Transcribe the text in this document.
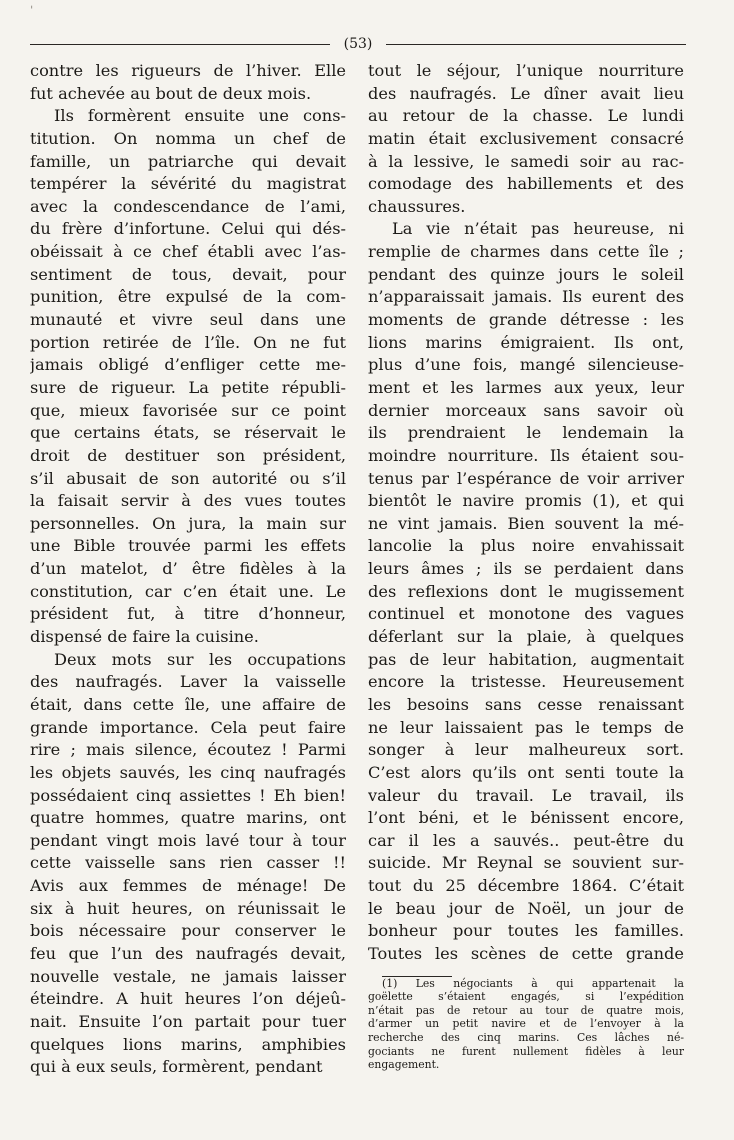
ˈ
(53)
contre les rigueurs de l’hiver. Elle
fut achevée au bout de deux mois.
Ils formèrent ensuite une cons-
titution. On nomma un chef de
famille, un patriarche qui devait
tempérer la sévérité du magistrat
avec la condescendance de l’ami,
du frère d’infortune. Celui qui dés-
obéissait à ce chef établi avec l’as-
sentiment de tous, devait, pour
punition, être expulsé de la com-
munauté et vivre seul dans une
portion retirée de l’île. On ne fut
jamais obligé d’enfliger cette me-
sure de rigueur. La petite républi-
que, mieux favorisée sur ce point
que certains états, se réservait le
droit de destituer son président,
s’il abusait de son autorité ou s’il
la faisait servir à des vues toutes
personnelles. On jura, la main sur
une Bible trouvée parmi les effets
d’un matelot, d’ être fidèles à la
constitution, car c’en était une. Le
président fut, à titre d’honneur,
dispensé de faire la cuisine.
Deux mots sur les occupations
des naufragés. Laver la vaisselle
était, dans cette île, une affaire de
grande importance. Cela peut faire
rire ; mais silence, écoutez ! Parmi
les objets sauvés, les cinq naufragés
possédaient cinq assiettes ! Eh bien!
quatre hommes, quatre marins, ont
pendant vingt mois lavé tour à tour
cette vaisselle sans rien casser !!
Avis aux femmes de ménage! De
six à huit heures, on réunissait le
bois nécessaire pour conserver le
feu que l’un des naufragés devait,
nouvelle vestale, ne jamais laisser
éteindre. A huit heures l’on déjeû-
nait. Ensuite l’on partait pour tuer
quelques lions marins, amphibies
qui à eux seuls, formèrent, pendant
tout le séjour, l’unique nourriture
des naufragés. Le dîner avait lieu
au retour de la chasse. Le lundi
matin était exclusivement consacré
à la lessive, le samedi soir au rac-
comodage des habillements et des
chaussures.
La vie n’était pas heureuse, ni
remplie de charmes dans cette île ;
pendant des quinze jours le soleil
n’apparaissait jamais. Ils eurent des
moments de grande détresse : les
lions marins émigraient. Ils ont,
plus d’une fois, mangé silencieuse-
ment et les larmes aux yeux, leur
dernier morceaux sans savoir où
ils prendraient le lendemain la
moindre nourriture. Ils étaient sou-
tenus par l’espérance de voir arriver
bientôt le navire promis (1), et qui
ne vint jamais. Bien souvent la mé-
lancolie la plus noire envahissait
leurs âmes ; ils se perdaient dans
des reflexions dont le mugissement
continuel et monotone des vagues
déferlant sur la plaie, à quelques
pas de leur habitation, augmentait
encore la tristesse. Heureusement
les besoins sans cesse renaissant
ne leur laissaient pas le temps de
songer à leur malheureux sort.
C’est alors qu’ils ont senti toute la
valeur du travail. Le travail, ils
l’ont béni, et le bénissent encore,
car il les a sauvés.. peut-être du
suicide. Mr Reynal se souvient sur-
tout du 25 décembre 1864. C’était
le beau jour de Noël, un jour de
bonheur pour toutes les familles.
Toutes les scènes de cette grande
(1) Les négociants à qui appartenait la
goëlette s’étaient engagés, si l’expédition
n’était pas de retour au tour de quatre mois,
d’armer un petit navire et de l’envoyer à la
recherche des cinq marins. Ces lâches né-
gociants ne furent nullement fidèles à leur
engagement.
